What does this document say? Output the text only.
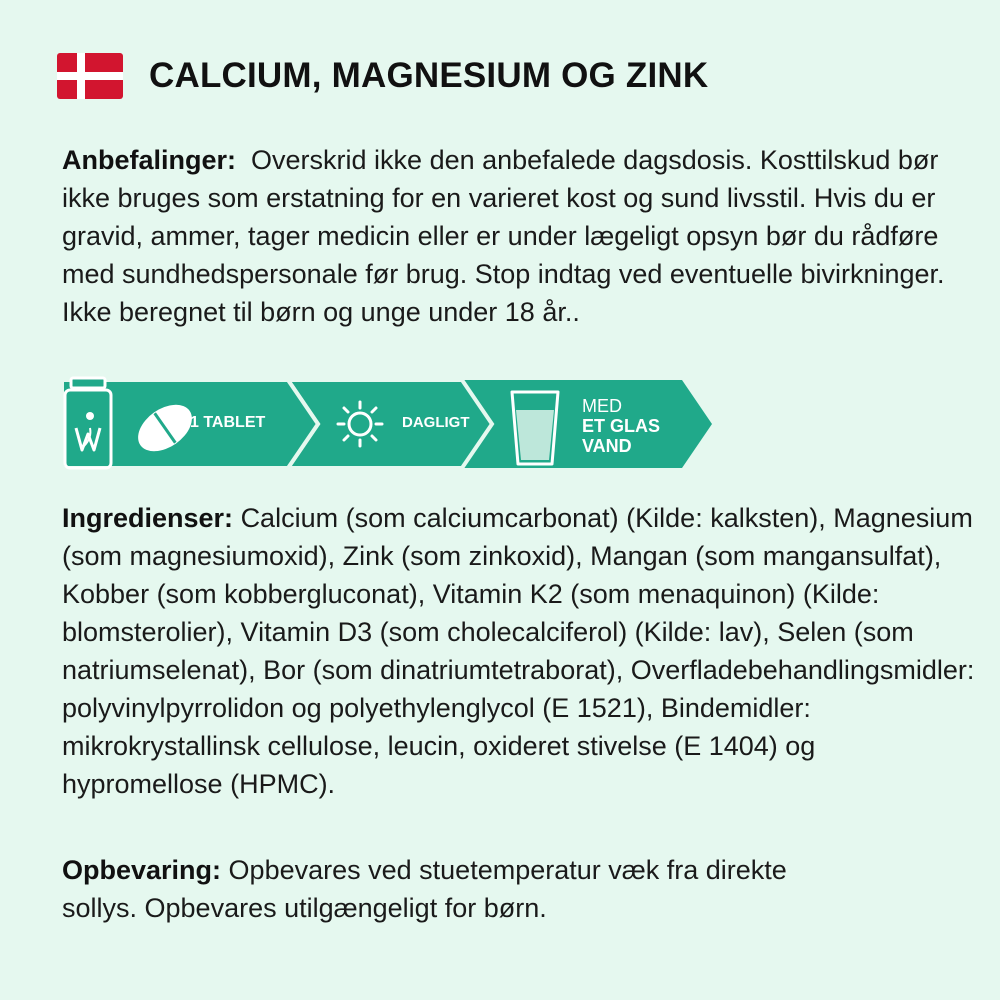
CALCIUM, MAGNESIUM OG ZINK

Anbefalinger: Overskrid ikke den anbefalede dagsdosis. Kosttilskud bør ikke bruges som erstatning for en varieret kost og sund livsstil. Hvis du er gravid, ammer, tager medicin eller er under lægeligt opsyn bør du rådføre med sundhedspersonale før brug. Stop indtag ved eventuelle bivirkninger. Ikke beregnet til børn og unge under 18 år..

1 TABLET	DAGLIGT
MED
ET GLAS
VAND

Ingredienser: Calcium (som calciumcarbonat) (Kilde: kalksten), Magnesium (som magnesiumoxid), Zink (som zinkoxid), Mangan (som mangansulfat), Kobber (som kobbergluconat), Vitamin K2 (som menaquinon) (Kilde: blomsterolier), Vitamin D3 (som cholecalciferol) (Kilde: lav), Selen (som natriumselenat), Bor (som dinatriumtetraborat), Overfladebehandlingsmidler: polyvinylpyrrolidon og polyethylenglycol (E 1521), Bindemidler: mikrokrystallinsk cellulose, leucin, oxideret stivelse (E 1404) og hypromellose (HPMC).

Opbevaring: Opbevares ved stuetemperatur væk fra direkte sollys. Opbevares utilgængeligt for børn.
